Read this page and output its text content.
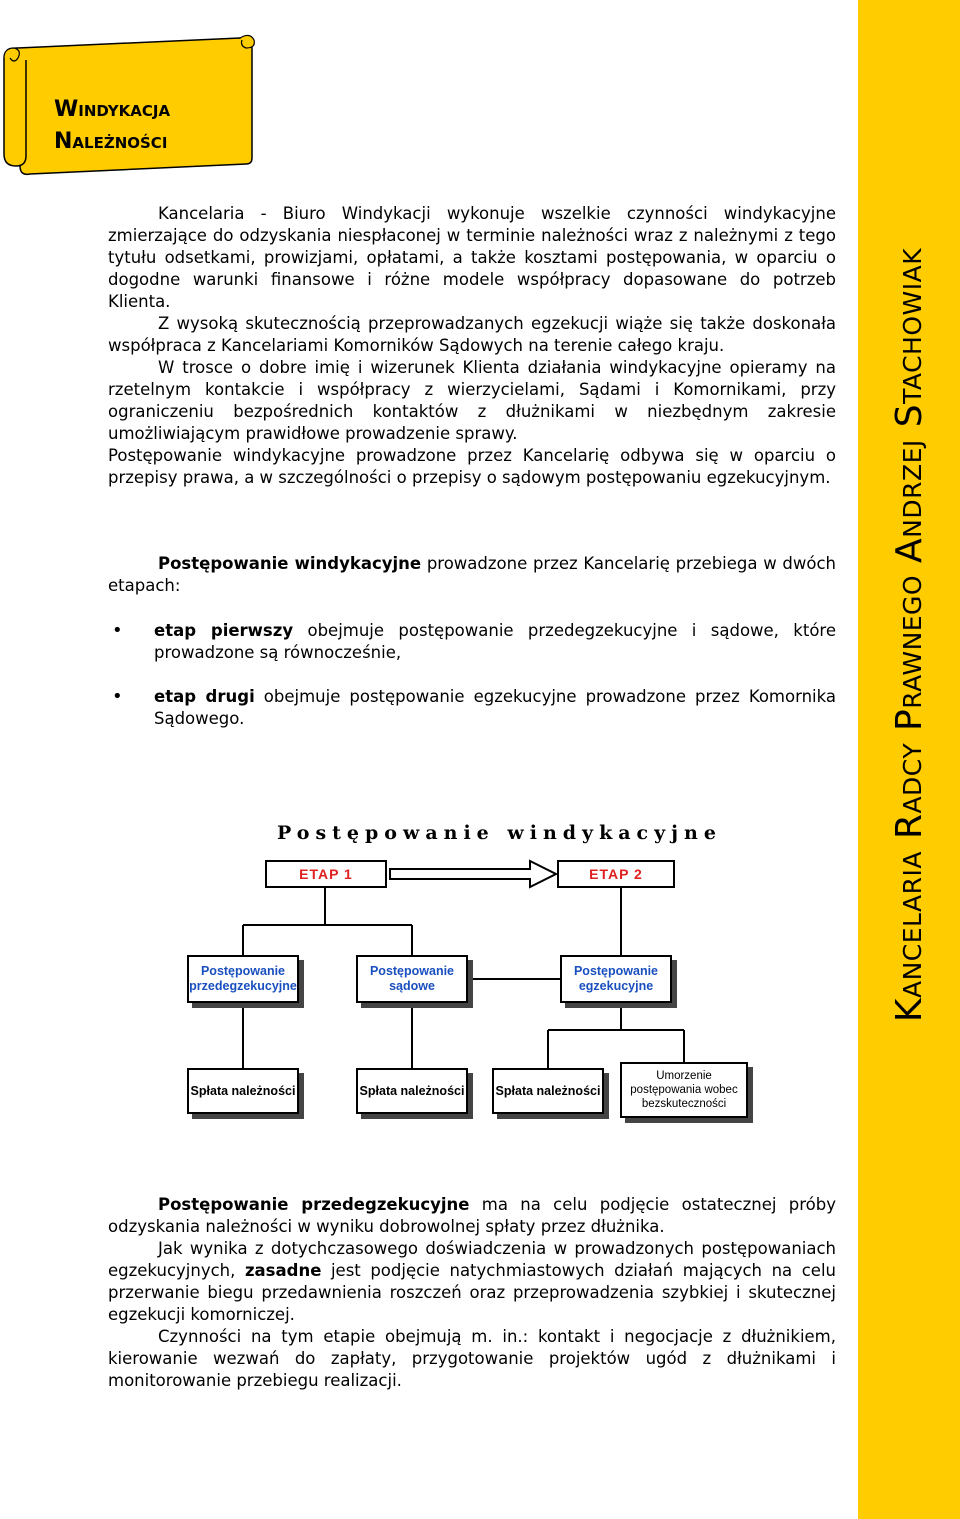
Kancelaria Radcy Prawnego Andrzej Stachowiak
Windykacja
Należności

Kancelaria - Biuro Windykacji wykonuje wszelkie czynności windykacyjne zmierzające do odzyskania niespłaconej w terminie należności wraz z należnymi z tego tytułu odsetkami, prowizjami, opłatami, a także kosztami postępowania, w oparciu o dogodne warunki finansowe i różne modele współpracy dopasowane do potrzeb Klienta.

Z wysoką skutecznością przeprowadzanych egzekucji wiąże się także doskonała współpraca z Kancelariami Komorników Sądowych na terenie całego kraju.

W trosce o dobre imię i wizerunek Klienta działania windykacyjne opieramy na rzetelnym kontakcie i współpracy z wierzycielami, Sądami i Komornikami, przy ograniczeniu bezpośrednich kontaktów z dłużnikami w niezbędnym zakresie umożliwiającym prawidłowe prowadzenie sprawy.

Postępowanie windykacyjne prowadzone przez Kancelarię odbywa się w oparciu o przepisy prawa, a w szczególności o przepisy o sądowym postępowaniu egzekucyjnym.

Postępowanie windykacyjne prowadzone przez Kancelarię przebiega w dwóch etapach:

• etap pierwszy obejmuje postępowanie przedegzekucyjne i sądowe, które prowadzone są równocześnie,
• etap drugi obejmuje postępowanie egzekucyjne prowadzone przez Komornika Sądowego.
Postępowanie windykacyjne
ETAP 1	ETAP 2
Postępowanie przedegzekucyjne
Postępowanie sądowe
Postępowanie egzekucyjne
Spłata należności	Spłata należności Spłata należności
Umorzenie postępowania wobec bezskuteczności

Postępowanie przedegzekucyjne ma na celu podjęcie ostatecznej próby odzyskania należności w wyniku dobrowolnej spłaty przez dłużnika.

Jak wynika z dotychczasowego doświadczenia w prowadzonych postępowaniach egzekucyjnych, zasadne jest podjęcie natychmiastowych działań mających na celu przerwanie biegu przedawnienia roszczeń oraz przeprowadzenia szybkiej i skutecznej egzekucji komorniczej.

Czynności na tym etapie obejmują m. in.: kontakt i negocjacje z dłużnikiem, kierowanie wezwań do zapłaty, przygotowanie projektów ugód z dłużnikami i monitorowanie przebiegu realizacji.
